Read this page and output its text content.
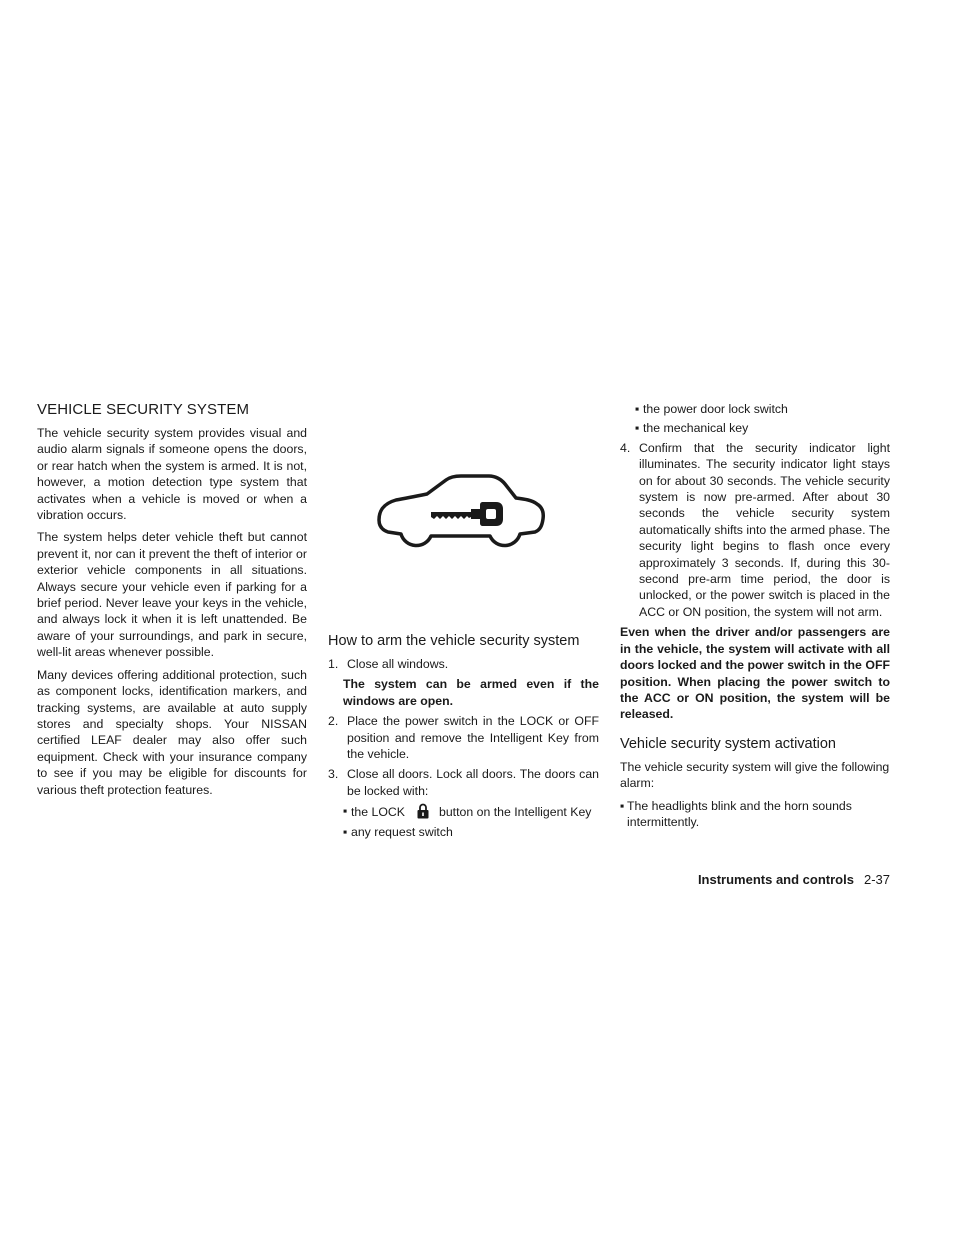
VEHICLE SECURITY SYSTEM

The vehicle security system provides visual and audio alarm signals if someone opens the doors, or rear hatch when the system is armed. It is not, however, a motion detection type system that activates when a vehicle is moved or when a vibration occurs.

The system helps deter vehicle theft but cannot prevent it, nor can it prevent the theft of interior or exterior vehicle components in all situations. Always secure your vehicle even if parking for a brief period. Never leave your keys in the vehicle, and always lock it when it is left unattended. Be aware of your surroundings, and park in secure, well-lit areas whenever possible.

Many devices offering additional protection, such as component locks, identification markers, and tracking systems, are available at auto supply stores and specialty shops. Your NISSAN certified LEAF dealer may also offer such equipment. Check with your insurance company to see if you may be eligible for discounts for various theft protection features.

How to arm the vehicle security system
1. Close all windows.
The system can be armed even if the windows are open.
2. Place the power switch in the LOCK or OFF position and remove the Intelligent Key from the vehicle.
3. Close all doors. Lock all doors. The doors can be locked with:
▪ the LOCK	button on the Intelligent Key
▪ any request switch
▪ the power door lock switch
▪ the mechanical key
4. Confirm that the security indicator light illuminates. The security indicator light stays on for about 30 seconds. The vehicle security system is now pre-armed. After about 30 seconds the vehicle security system automatically shifts into the armed phase. The security light begins to flash once every approximately 3 seconds. If, during this 30-second pre-arm time period, the door is unlocked, or the power switch is placed in the ACC or ON position, the system will not arm.

Even when the driver and/or passengers are in the vehicle, the system will activate with all doors locked and the power switch in the OFF position. When placing the power switch to the ACC or ON position, the system will be released.

Vehicle security system activation

The vehicle security system will give the following alarm:

▪ The headlights blink and the horn sounds intermittently.
Instruments and controls 2-37
